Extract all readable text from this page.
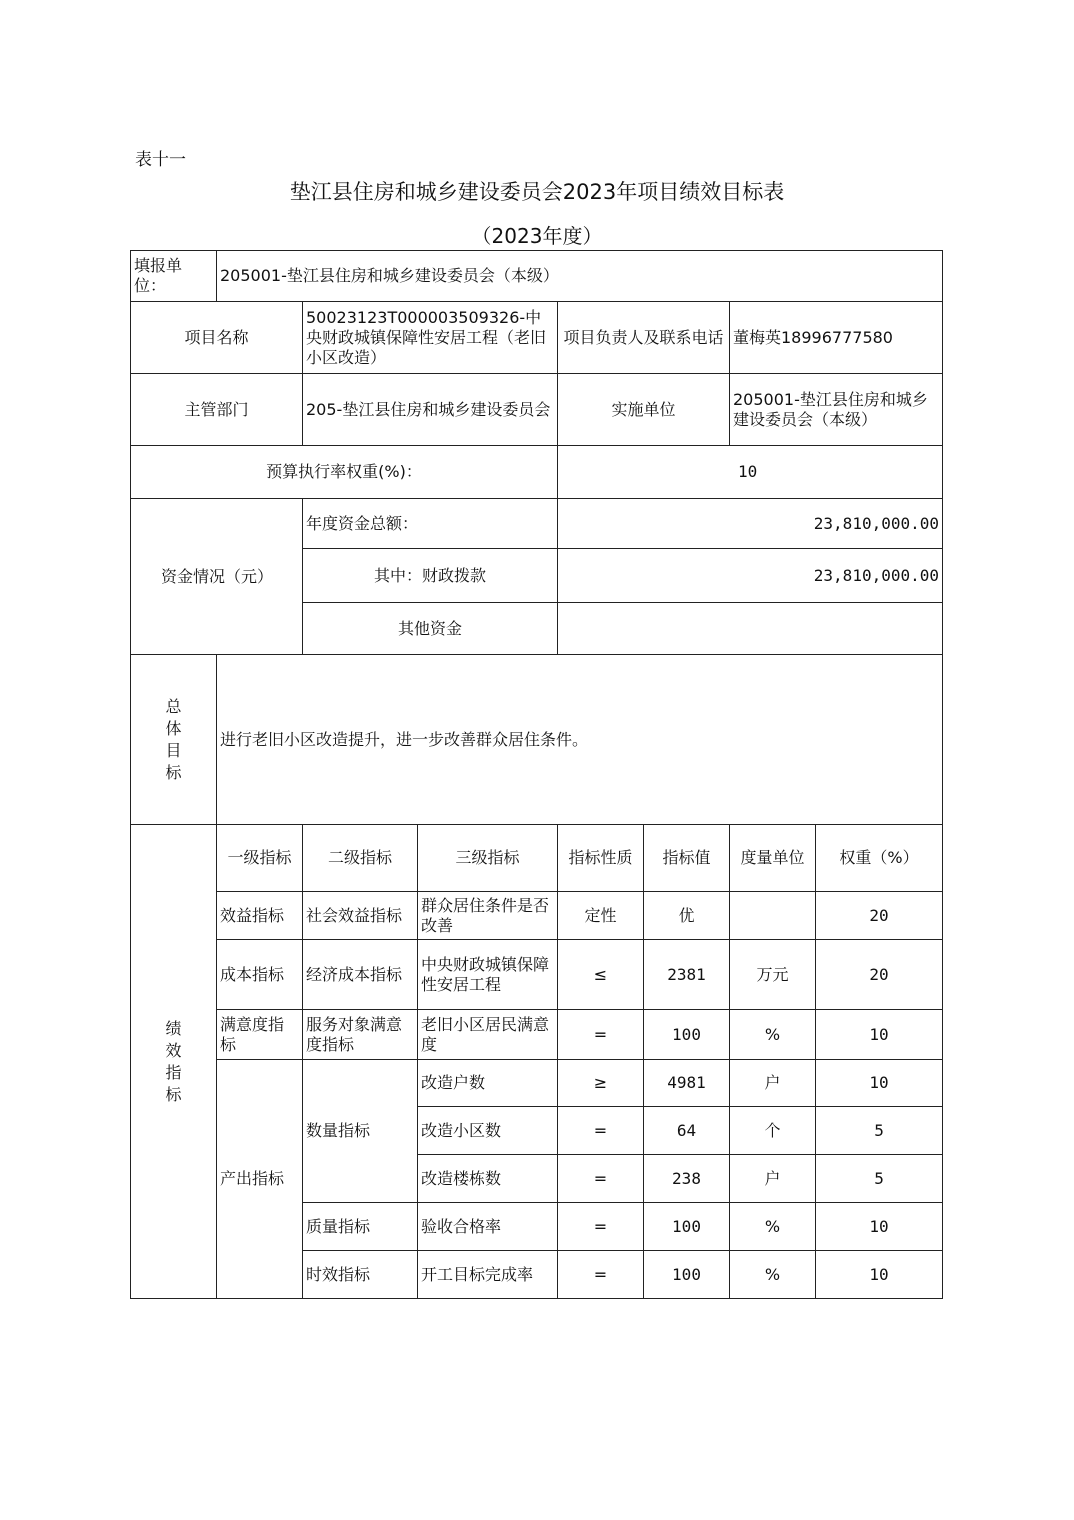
表十一
垫江县住房和城乡建设委员会2023年项目绩效目标表
（2023年度）
填报单位：	205001-垫江县住房和城乡建设委员会（本级）						
项目名称		50023123T000003509326-中央财政城镇保障性安居工程（老旧小区改造）		项目负责人及联系电话		董梅英18996777580	
主管部门		205-垫江县住房和城乡建设委员会		实施单位		205001-垫江县住房和城乡建设委员会（本级）	
预算执行率权重(%)：				10			
资金情况（元）		年度资金总额：		23,810,000.00			
		其中：财政拨款		23,810,000.00			
		其他资金					
总体目标	进行老旧小区改造提升，进一步改善群众居住条件。						
绩效指标	一级指标	二级指标	三级指标	指标性质	指标值	度量单位	权重（%）
	效益指标	社会效益指标	群众居住条件是否改善	定性	优		20
	成本指标	经济成本指标	中央财政城镇保障性安居工程	≤	2381	万元	20
	满意度指标	服务对象满意度指标	老旧小区居民满意度	=	100	%	10
	产出指标	数量指标	改造户数	≥	4981	户	10
			改造小区数	=	64	个	5
			改造楼栋数	=	238	户	5
		质量指标	验收合格率	=	100	%	10
		时效指标	开工目标完成率	=	100	%	10
